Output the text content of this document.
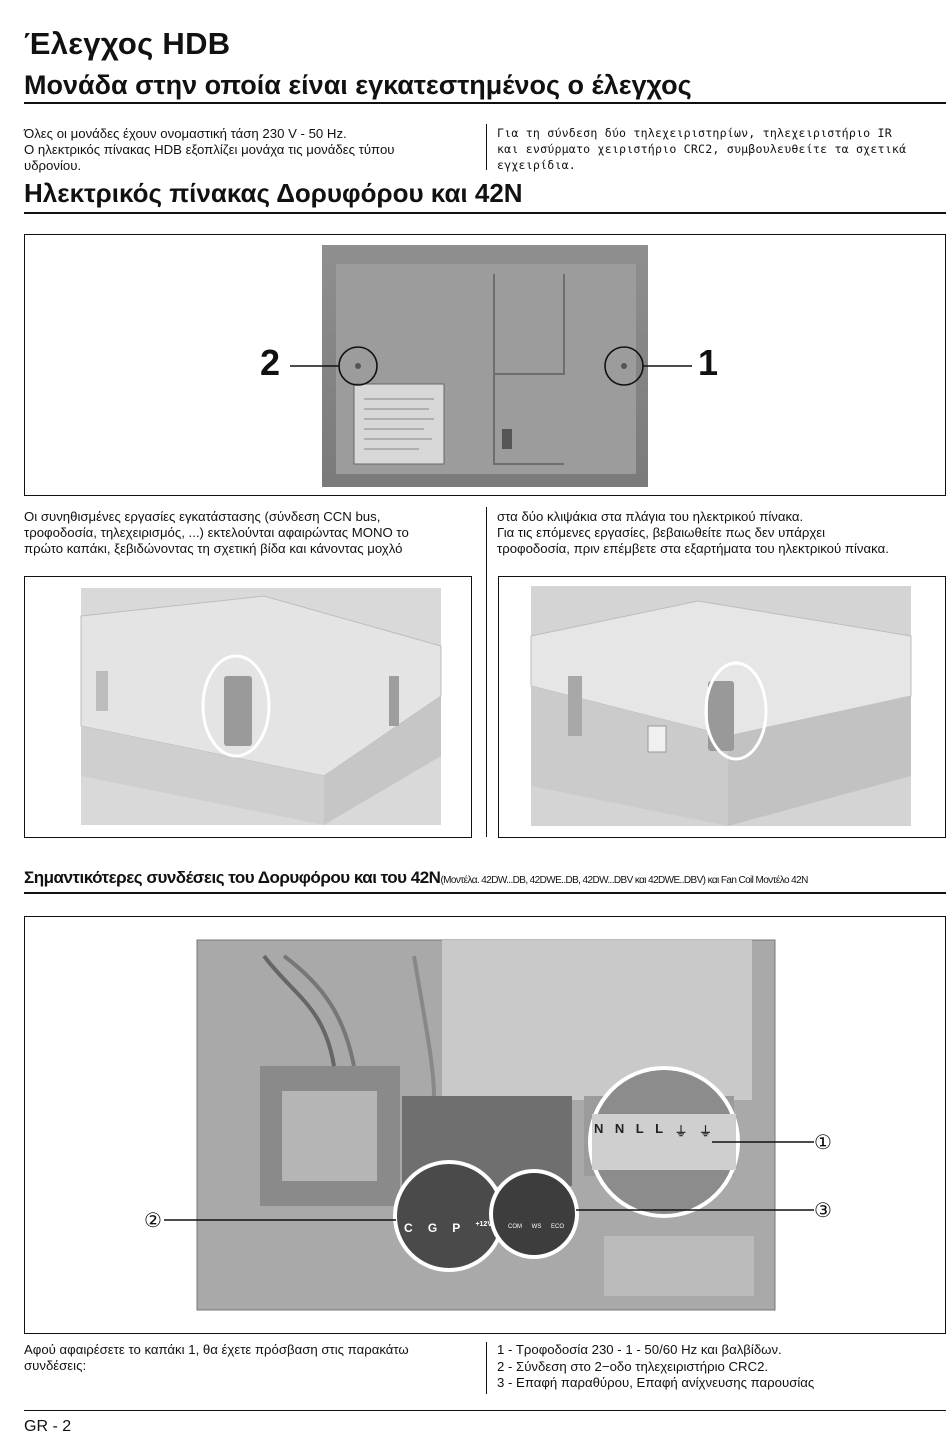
Έλεγχος HDB
Μονάδα στην οποία είναι εγκατεστημένος ο έλεγχος
Όλες οι μονάδες έχουν ονομαστική τάση 230 V - 50 Hz.
Ο ηλεκτρικός πίνακας HDB εξοπλίζει μονάχα τις μονάδες τύπου
υδρονίου.
Για τη σύνδεση δύο τηλεχειριστηρίων, τηλεχειριστήριο IR
και ενσύρματο χειριστήριο CRC2, συμβουλευθείτε τα σχετικά
εγχειρίδια.
Ηλεκτρικός πίνακας Δορυφόρου και 42N
2	1
Οι συνηθισμένες εργασίες εγκατάστασης (σύνδεση CCN bus,
τροφοδοσία, τηλεχειρισμός, ...) εκτελούνται αφαιρώντας ΜΟΝΟ το
πρώτο καπάκι, ξεβιδώνοντας τη σχετική βίδα και κάνοντας μοχλό
στα δύο κλιψάκια στα πλάγια του ηλεκτρικού πίνακα.
Για τις επόμενες εργασίες, βεβαιωθείτε πως δεν υπάρχει
τροφοδοσία, πριν επέμβετε στα εξαρτήματα του ηλεκτρικού πίνακα.
Σημαντικότερες συνδέσεις του Δορυφόρου και του 42N(Μοντέλα. 42DW...DB, 42DWE..DB, 42DW...DBV και 42DWE..DBV) και Fan Coil Μοντέλο 42N
N N L L ⏚ ⏚
C G P +12V	COM WS ECO
①
②	③
Αφού αφαιρέσετε το καπάκι 1, θα έχετε πρόσβαση στις παρακάτω
συνδέσεις:
1 - Τροφοδοσία 230 - 1 - 50/60 Hz και βαλβίδων.
2 - Σύνδεση στο 2−οδο τηλεχειριστήριο CRC2.
3 - Επαφή παραθύρου, Επαφή ανίχνευσης παρουσίας
GR - 2
